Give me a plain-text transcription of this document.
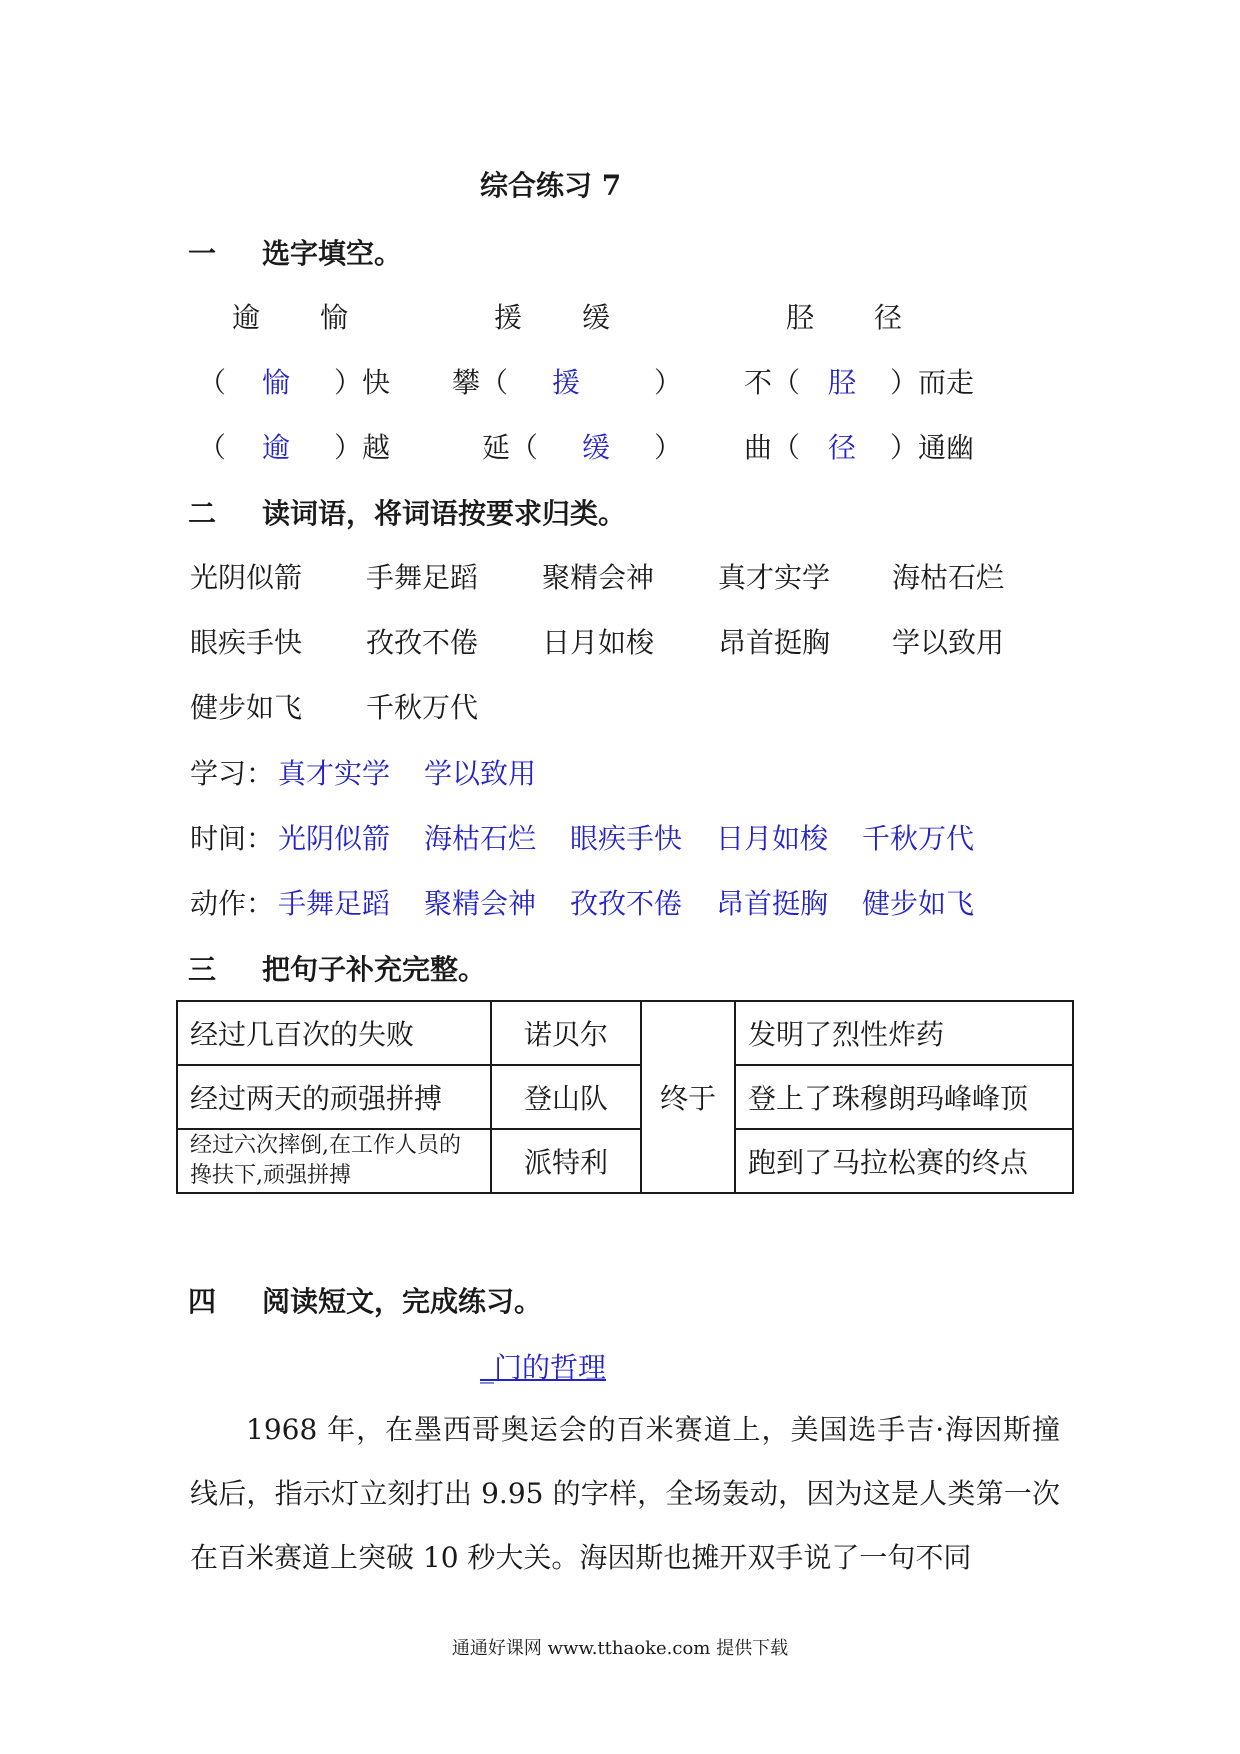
综合练习 7
一 选字填空。
逾 愉	援 缓	胫 径
（ 愉 ）快 攀（ 援	） 不（ 胫 ）而走
（ 逾 ）越	延（ 缓 ） 曲（ 径 ）通幽
二 读词语，将词语按要求归类。
光阴似箭 手舞足蹈 聚精会神 真才实学 海枯石烂
眼疾手快 孜孜不倦 日月如梭 昂首挺胸 学以致用
健步如飞 千秋万代
学习： 真才实学 学以致用
时间： 光阴似箭 海枯石烂 眼疾手快 日月如梭 千秋万代
动作： 手舞足蹈 聚精会神 孜孜不倦 昂首挺胸 健步如飞
三 把句子补充完整。
经过几百次的失败	诺贝尔	终于	发明了烈性炸药
经过两天的顽强拼搏	登山队		登上了珠穆朗玛峰峰顶
经过六次摔倒,在工作人员的搀扶下,顽强拼搏	派特利		跑到了马拉松赛的终点
四 阅读短文，完成练习。
_门的哲理
1968 年，在墨西哥奥运会的百米赛道上，美国选手吉·海因斯撞线后，指示灯立刻打出 9.95 的字样，全场轰动，因为这是人类第一次在百米赛道上突破 10 秒大关。海因斯也摊开双手说了一句不同
通通好课网 www.tthaoke.com 提供下载
